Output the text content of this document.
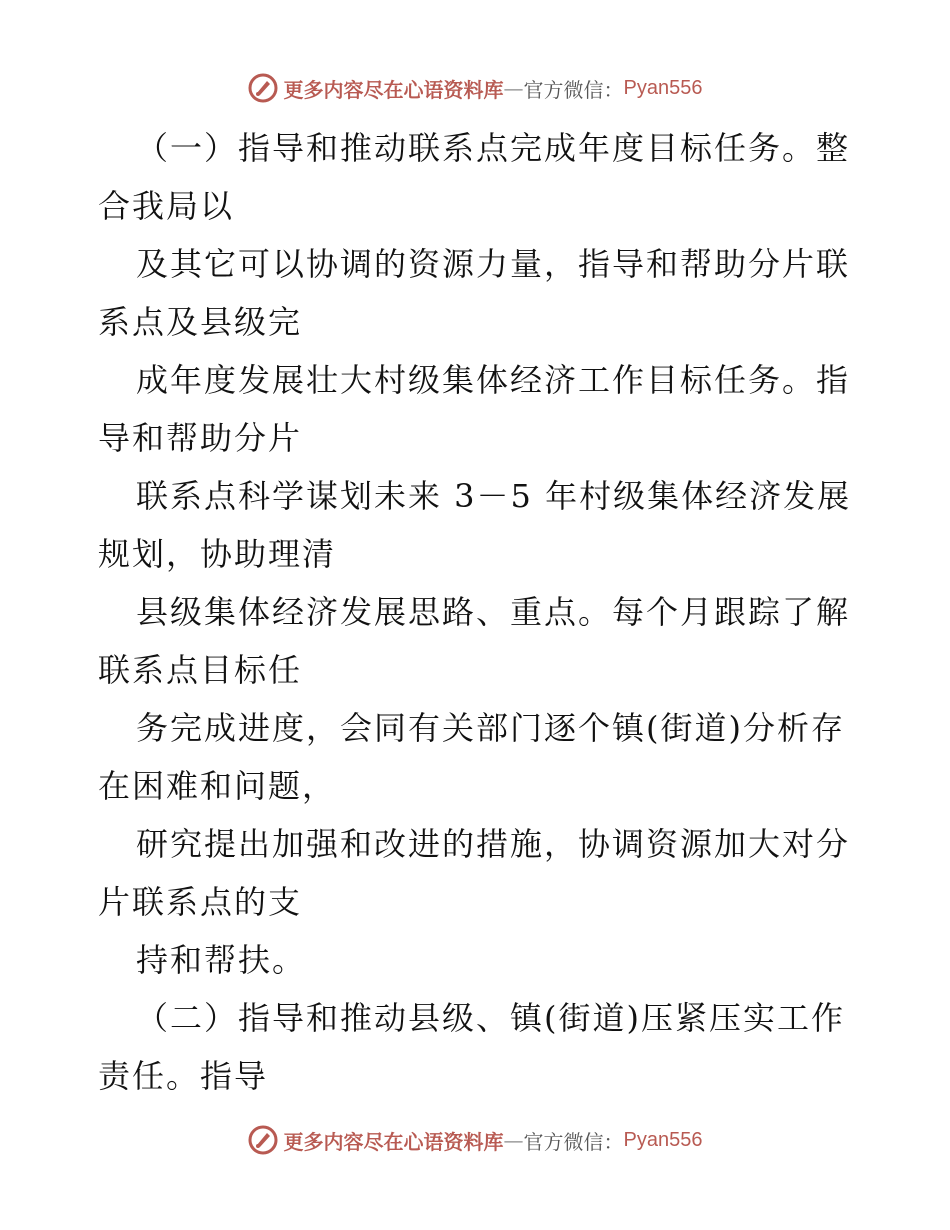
更多内容尽在心语资料库 — 官方微信： Pyan556
（一）指导和推动联系点完成年度目标任务。整
合我局以
及其它可以协调的资源力量，指导和帮助分片联
系点及县级完
成年度发展壮大村级集体经济工作目标任务。指
导和帮助分片
联系点科学谋划未来 3－5 年村级集体经济发展
规划，协助理清
县级集体经济发展思路、重点。每个月跟踪了解
联系点目标任
务完成进度，会同有关部门逐个镇(街道)分析存
在困难和问题，
研究提出加强和改进的措施，协调资源加大对分
片联系点的支
持和帮扶。
（二）指导和推动县级、镇(街道)压紧压实工作
责任。指导
更多内容尽在心语资料库 — 官方微信： Pyan556
